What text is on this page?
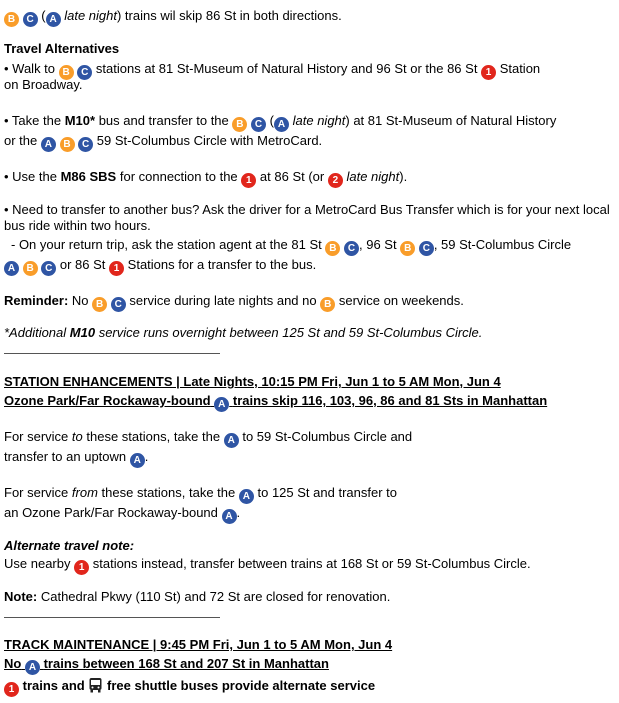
B C ( A late night) trains wil skip 86 St in both directions.
Travel Alternatives
• Walk to B C stations at 81 St-Museum of Natural History and 96 St or the 86 St 1 Station
on Broadway.
• Take the M10* bus and transfer to the B C ( A late night) at 81 St-Museum of Natural History
or the A B C 59 St-Columbus Circle with MetroCard.
• Use the M86 SBS for connection to the 1 at 86 St (or 2 late night).
• Need to transfer to another bus? Ask the driver for a MetroCard Bus Transfer which is for your next local
bus ride within two hours.
- On your return trip, ask the station agent at the 81 St B C , 96 St B C , 59 St-Columbus Circle
A B C or 86 St 1 Stations for a transfer to the bus.
Reminder: No B C service during late nights and no B service on weekends.
*Additional M10 service runs overnight between 125 St and 59 St-Columbus Circle.
STATION ENHANCEMENTS | Late Nights, 10:15 PM Fri, Jun 1 to 5 AM Mon, Jun 4
Ozone Park/Far Rockaway-bound A trains skip 116, 103, 96, 86 and 81 Sts in Manhattan
For service to these stations, take the A to 59 St-Columbus Circle and
transfer to an uptown A .
For service from these stations, take the A to 125 St and transfer to
an Ozone Park/Far Rockaway-bound A .
Alternate travel note:
Use nearby 1 stations instead, transfer between trains at 168 St or 59 St-Columbus Circle.
Note: Cathedral Pkwy (110 St) and 72 St are closed for renovation.
TRACK MAINTENANCE | 9:45 PM Fri, Jun 1 to 5 AM Mon, Jun 4
No A trains between 168 St and 207 St in Manhattan
1 trains and free shuttle buses provide alternate service
